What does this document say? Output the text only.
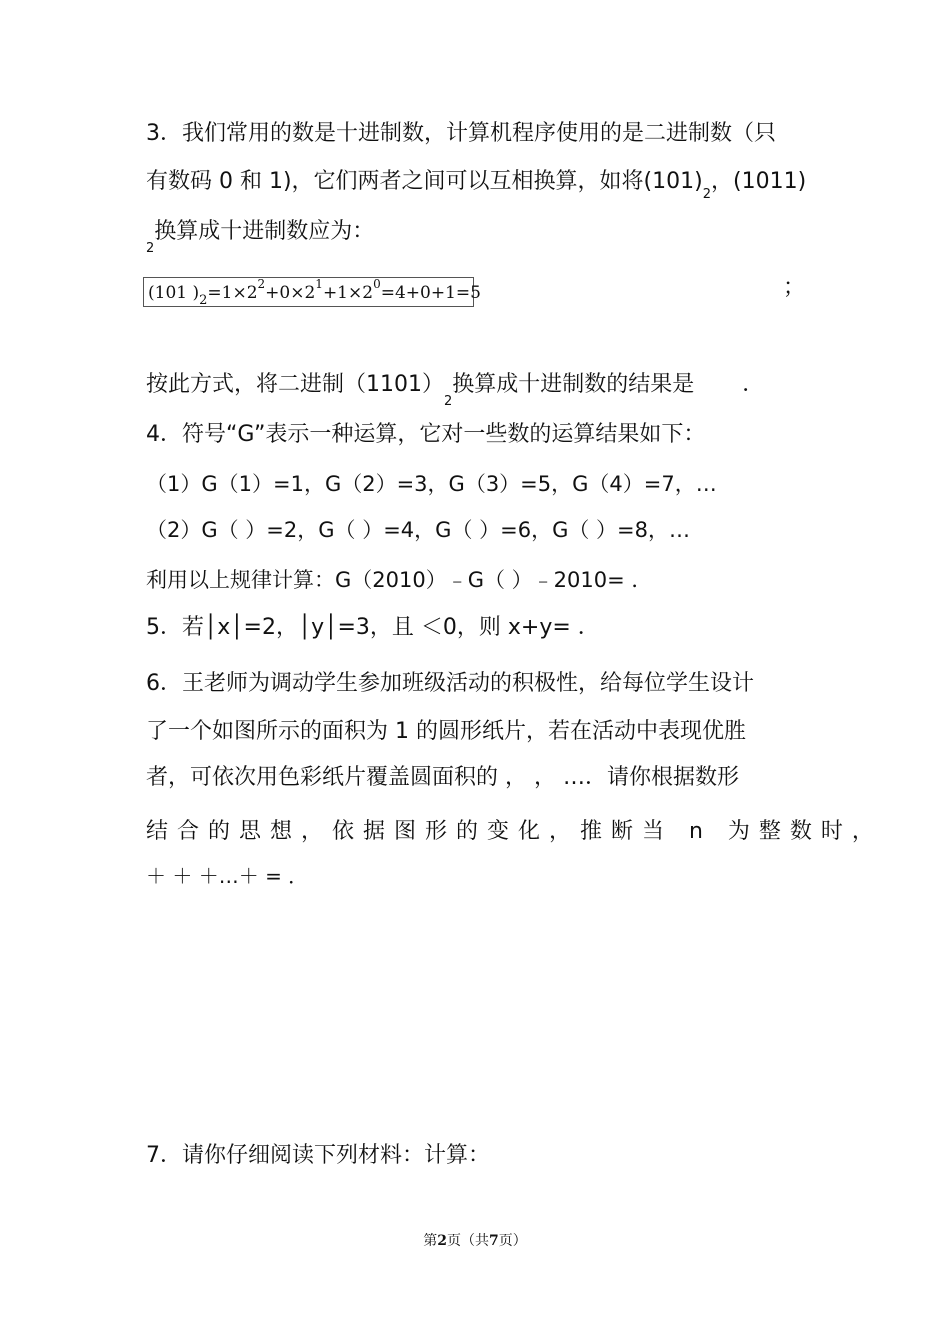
3．我们常用的数是十进制数，计算机程序使用的是二进制数（只
有数码 0 和 1)，它们两者之间可以互相换算，如将$(101)_2$，(1011)
$_2$换算成十进制数应为：
(101 )$_2=1\times 2^2+0\times 2^1+1\times 2^0=4+0+1=5$	；
按此方式，将二进制$(1101)_2$换算成十进制数的结果是 ．
4．符号“G”表示一种运算，它对一些数的运算结果如下：
（1）G（1）=1，G（2）=3，G（3）=5，G（4）=7，…
（2）G（ ）=2，G（ ）=4，G（ ）=6，G（ ）=8，…
利用以上规律计算：G（2010）﹣G（ ）﹣2010= ．
5．若│x│=2，│y│=3，且 ＜0，则 x+y= ．
6．王老师为调动学生参加班级活动的积极性，给每位学生设计
了一个如图所示的面积为 1 的圆形纸片，若在活动中表现优胜
者，可依次用色彩纸片覆盖圆面积的 ， ， …．请你根据数形
结合的思想，依据图形的变化，推断当 n 为整数时，
＋ ＋ ＋…＋ = ．
7．请你仔细阅读下列材料：计算：
第2页（共7页）
